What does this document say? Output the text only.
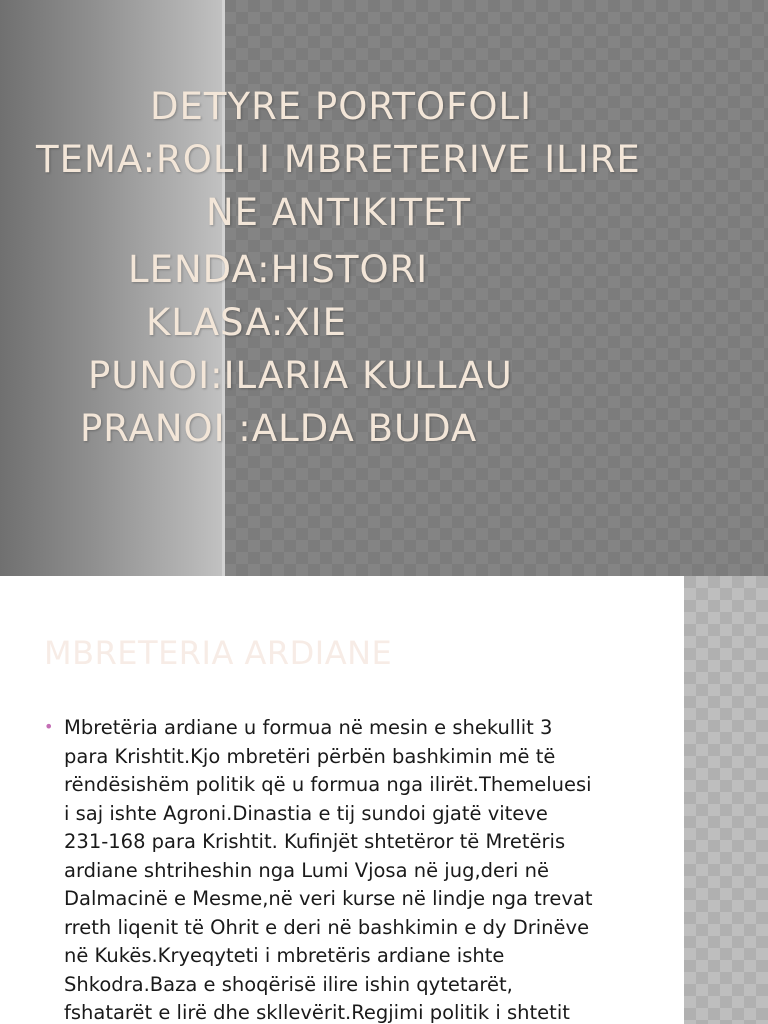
DETYRE PORTOFOLI
TEMA:ROLI I MBRETERIVE ILIRE
NE ANTIKITET
LENDA:HISTORI
KLASA:XIE
PUNOI:ILARIA KULLAU
PRANOI :ALDA BUDA
MBRETERIA ARDIANE
• Mbretëria ardiane u formua në mesin e shekullit 3
para Krishtit.Kjo mbretëri përbën bashkimin më të
rëndësishëm politik që u formua nga ilirët.Themeluesi
i saj ishte Agroni.Dinastia e tij sundoi gjatë viteve
231-168 para Krishtit. Kufinjët shtetëror të Mretëris
ardiane shtriheshin nga Lumi Vjosa në jug,deri në
Dalmacinë e Mesme,në veri kurse në lindje nga trevat
rreth liqenit të Ohrit e deri në bashkimin e dy Drinëve
në Kukës.Kryeqyteti i mbretëris ardiane ishte
Shkodra.Baza e shoqërisë ilire ishin qytetarët,
fshatarët e lirë dhe skllevërit.Regjimi politik i shtetit
